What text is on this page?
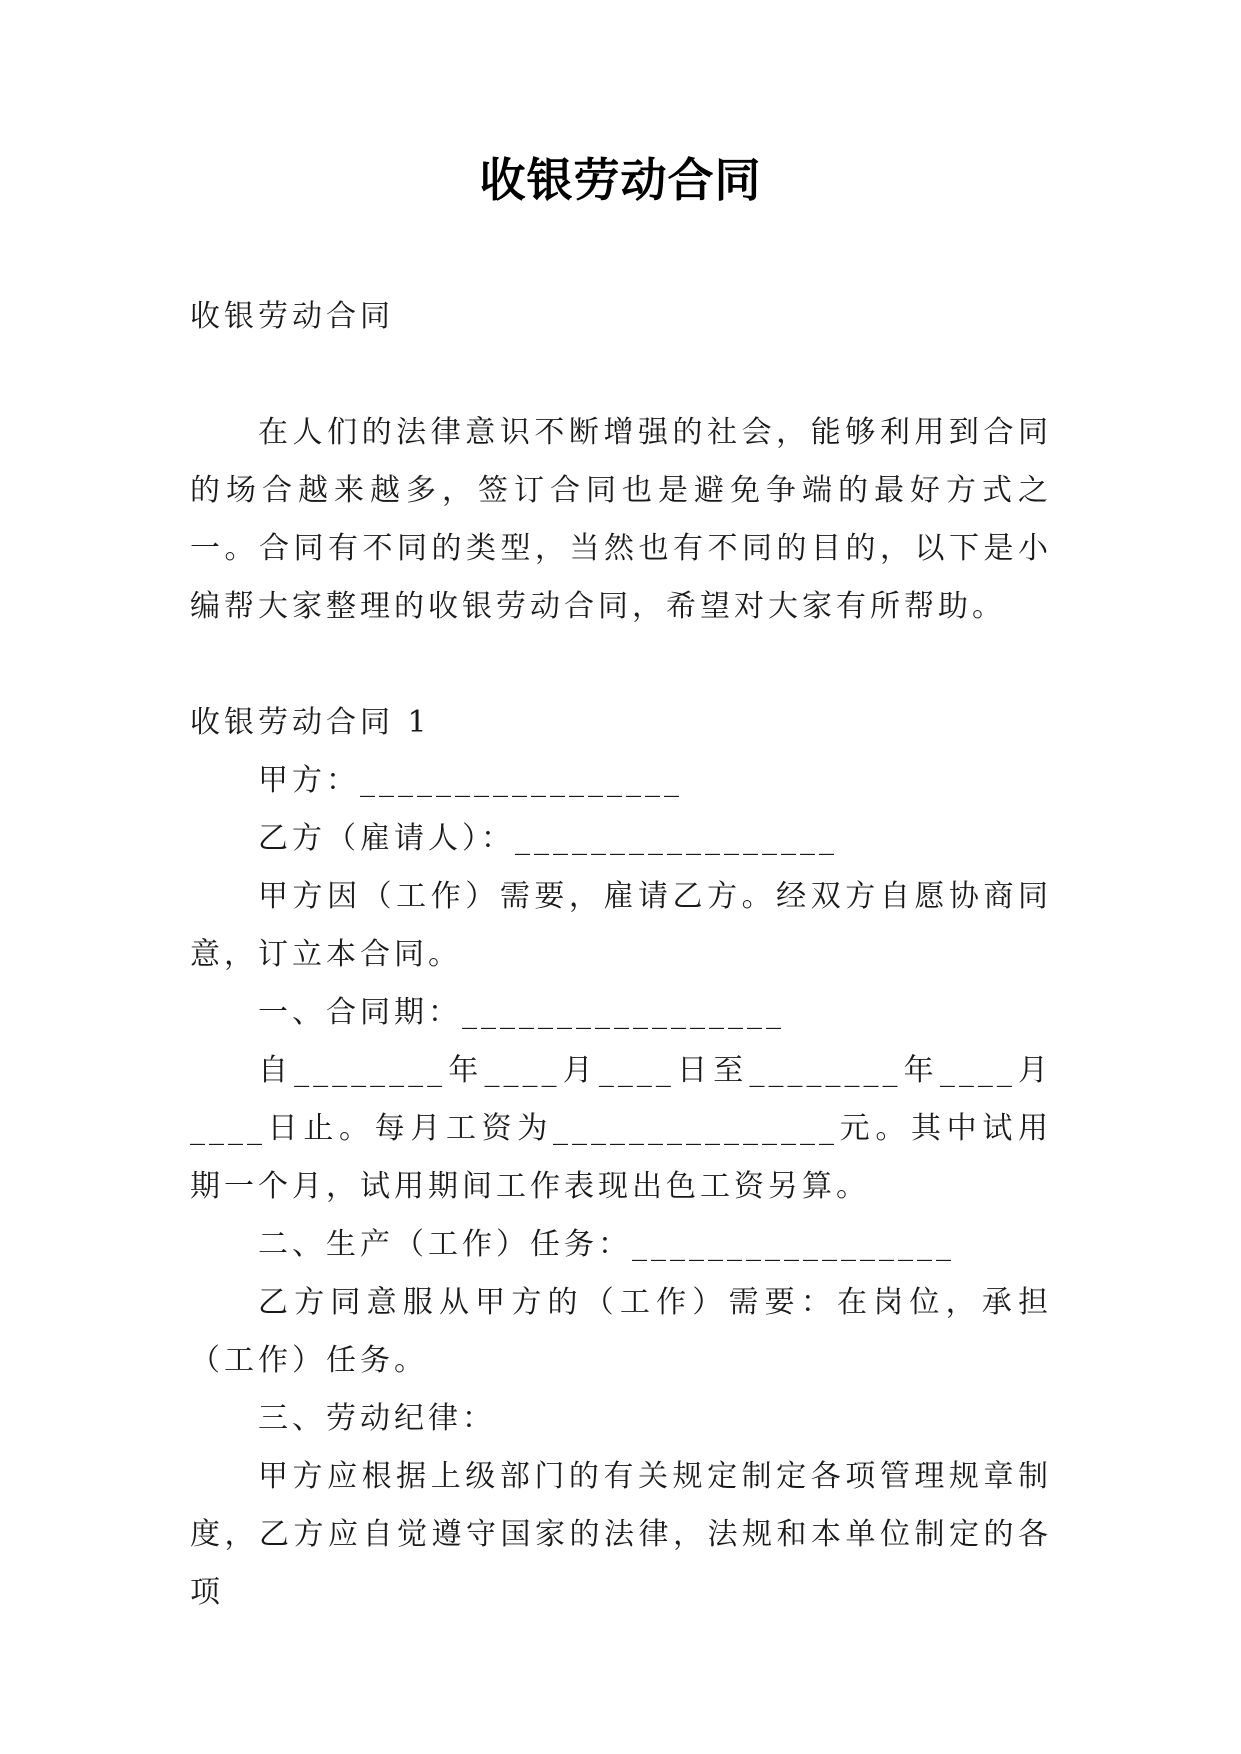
收银劳动合同

收银劳动合同

在人们的法律意识不断增强的社会，能够利用到合同的场合越来越多，签订合同也是避免争端的最好方式之一。合同有不同的类型，当然也有不同的目的，以下是小编帮大家整理的收银劳动合同，希望对大家有所帮助。

收银劳动合同 1

甲方：_________________

乙方（雇请人）：_________________

甲方因（工作）需要，雇请乙方。经双方自愿协商同意，订立本合同。

一、合同期：_________________

自________年____月____日至________年____月____日止。每月工资为_______________元。其中试用期一个月，试用期间工作表现出色工资另算。

二、生产（工作）任务：_________________

乙方同意服从甲方的（工作）需要：在岗位，承担（工作）任务。

三、劳动纪律：

甲方应根据上级部门的有关规定制定各项管理规章制度，乙方应自觉遵守国家的法律，法规和本单位制定的各项
